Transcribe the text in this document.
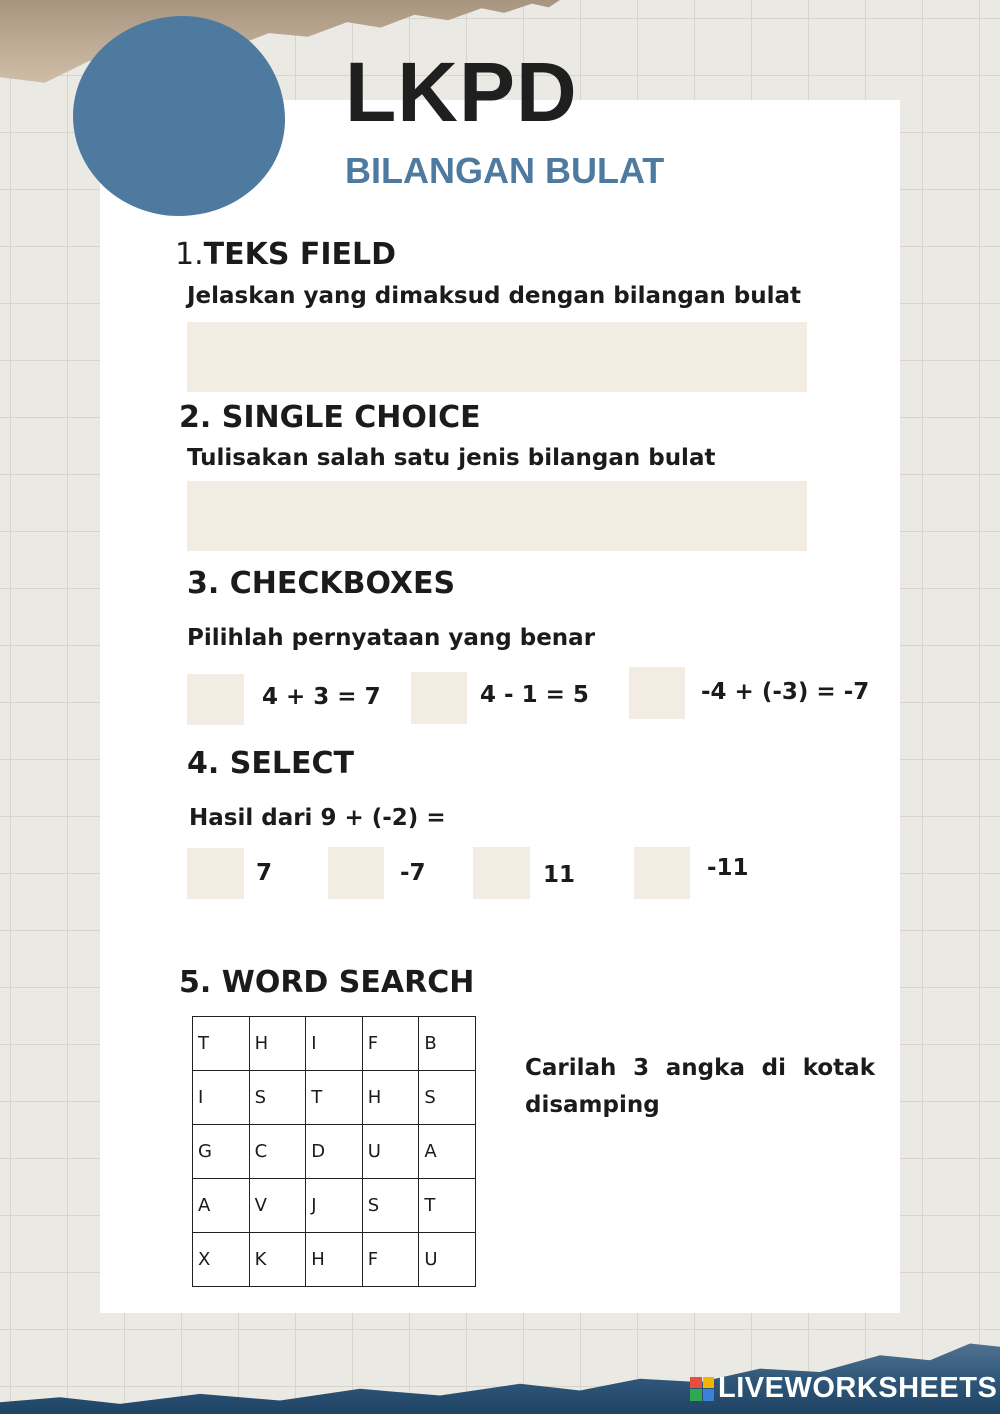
LKPD
BILANGAN BULAT
1.TEKS FIELD

Jelaskan yang dimaksud dengan bilangan bulat

2. SINGLE CHOICE

Tulisakan salah satu jenis bilangan bulat

3. CHECKBOXES

Pilihlah pernyataan yang benar

4 + 3 = 7	4 - 1 = 5	-4 + (-3) = -7
4. SELECT

Hasil dari 9 + (-2) =

7	-7	11	-11
5. WORD SEARCH
T	H	I	F	B
I	S	T	H	S
G	C	D	U	A
A	V	J	S	T
X	K	H	F	U

Carilah 3 angka di kotak disamping

LIVEWORKSHEETS
